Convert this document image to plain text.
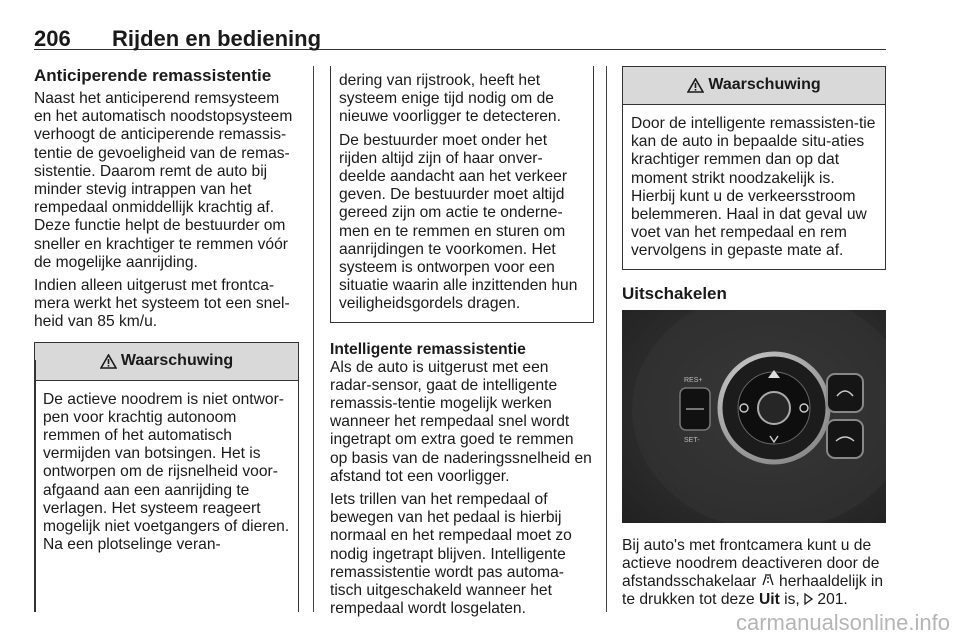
206 Rijden en bediening
Anticiperende remassistentie

Naast het anticiperend remsysteem en het automatisch noodstopsysteem verhoogt de anticiperende remassis-tentie de gevoeligheid van de remas-sistentie. Daarom remt de auto bij minder stevig intrappen van het rempedaal onmiddellijk krachtig af. Deze functie helpt de bestuurder om sneller en krachtiger te remmen vóór de mogelijke aanrijding.

Indien alleen uitgerust met frontca-mera werkt het systeem tot een snel-heid van 85 km/u.

Waarschuwing
De actieve noodrem is niet ontwor-pen voor krachtig autonoom remmen of het automatisch vermijden van botsingen. Het is ontworpen om de rijsnelheid voor-afgaand aan een aanrijding te verlagen. Het systeem reageert mogelijk niet voetgangers of dieren. Na een plotselinge veran-

dering van rijstrook, heeft het systeem enige tijd nodig om de nieuwe voorligger te detecteren.

De bestuurder moet onder het rijden altijd zijn of haar onver-deelde aandacht aan het verkeer geven. De bestuurder moet altijd gereed zijn om actie te onderne-men en te remmen en sturen om aanrijdingen te voorkomen. Het systeem is ontworpen voor een situatie waarin alle inzittenden hun veiligheidsgordels dragen.

Intelligente remassistentie

Als de auto is uitgerust met een radar-sensor, gaat de intelligente remassis-tentie mogelijk werken wanneer het rempedaal snel wordt ingetrapt om extra goed te remmen op basis van de naderingssnelheid en afstand tot een voorligger.

Iets trillen van het rempedaal of bewegen van het pedaal is hierbij normaal en het rempedaal moet zo nodig ingetrapt blijven. Intelligente remassistentie wordt pas automa-tisch uitgeschakeld wanneer het rempedaal wordt losgelaten.

Waarschuwing
Door de intelligente remassisten-tie kan de auto in bepaalde situ-aties krachtiger remmen dan op dat moment strikt noodzakelijk is. Hierbij kunt u de verkeersstroom belemmeren. Haal in dat geval uw voet van het rempedaal en rem vervolgens in gepaste mate af.
Uitschakelen
RES+
SET-

Bij auto's met frontcamera kunt u de actieve noodrem deactiveren door de afstandsschakelaar herhaaldelijk in te drukken tot deze Uit is, 201.

carmanualsonline.info
